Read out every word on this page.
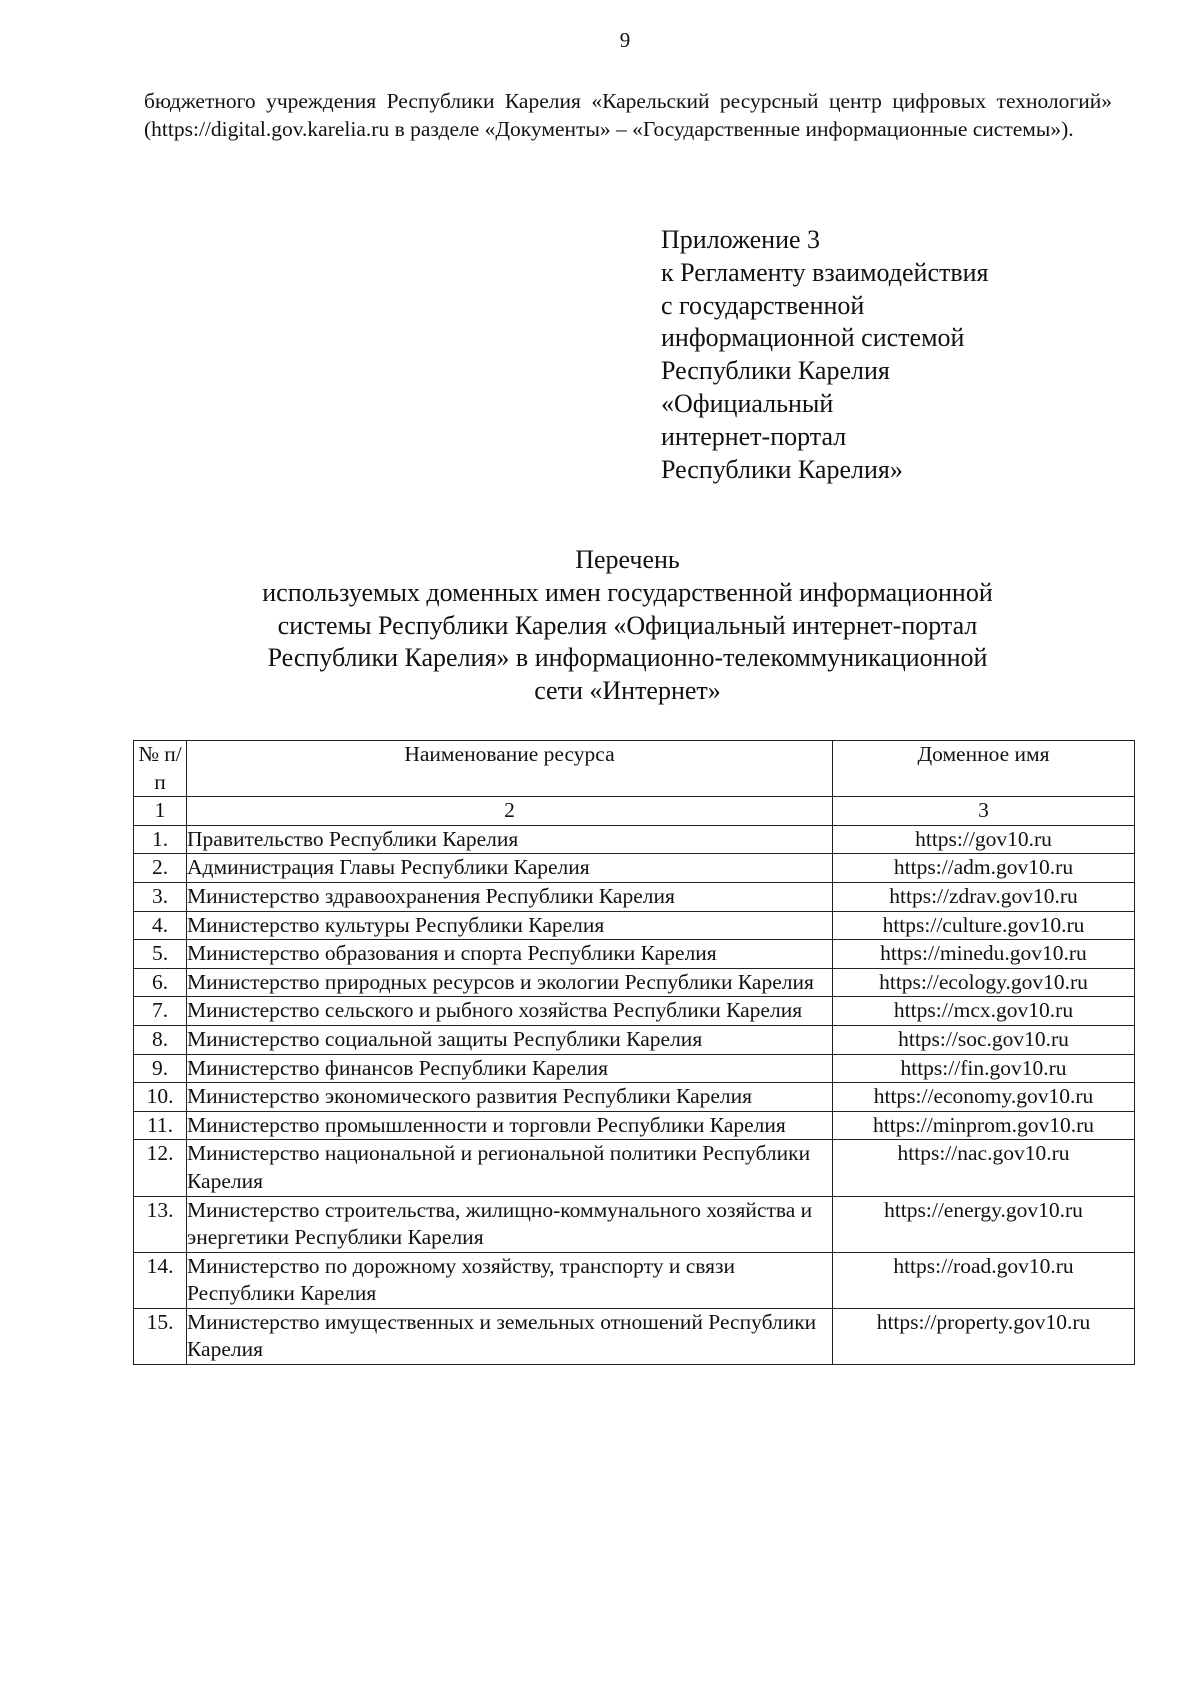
9
бюджетного учреждения Республики Карелия «Карельский ресурсный центр цифровых технологий» (https://digital.gov.karelia.ru в разделе «Документы» – «Государственные информационные системы»).
Приложение 3
к Регламенту взаимодействия
с государственной
информационной системой
Республики Карелия
«Официальный
интернет-портал
Республики Карелия»
Перечень
используемых доменных имен государственной информационной
системы Республики Карелия «Официальный интернет-портал
Республики Карелия» в информационно-телекоммуникационной
сети «Интернет»
№ п/п	Наименование ресурса	Доменное имя
1	2	3
1.	Правительство Республики Карелия	https://gov10.ru
2.	Администрация Главы Республики Карелия	https://adm.gov10.ru
3.	Министерство здравоохранения Республики Карелия	https://zdrav.gov10.ru
4.	Министерство культуры Республики Карелия	https://culture.gov10.ru
5.	Министерство образования и спорта Республики Карелия	https://minedu.gov10.ru
6.	Министерство природных ресурсов и экологии Республики Карелия	https://ecology.gov10.ru
7.	Министерство сельского и рыбного хозяйства Республики Карелия	https://mcx.gov10.ru
8.	Министерство социальной защиты Республики Карелия	https://soc.gov10.ru
9.	Министерство финансов Республики Карелия	https://fin.gov10.ru
10.	Министерство экономического развития Республики Карелия	https://economy.gov10.ru
11.	Министерство промышленности и торговли Республики Карелия	https://minprom.gov10.ru
12.	Министерство национальной и региональной политики Республики Карелия	https://nac.gov10.ru
13.	Министерство строительства, жилищно-коммунального хозяйства и энергетики Республики Карелия	https://energy.gov10.ru
14.	Министерство по дорожному хозяйству, транспорту и связи Республики Карелия	https://road.gov10.ru
15.	Министерство имущественных и земельных отношений Республики Карелия	https://property.gov10.ru
